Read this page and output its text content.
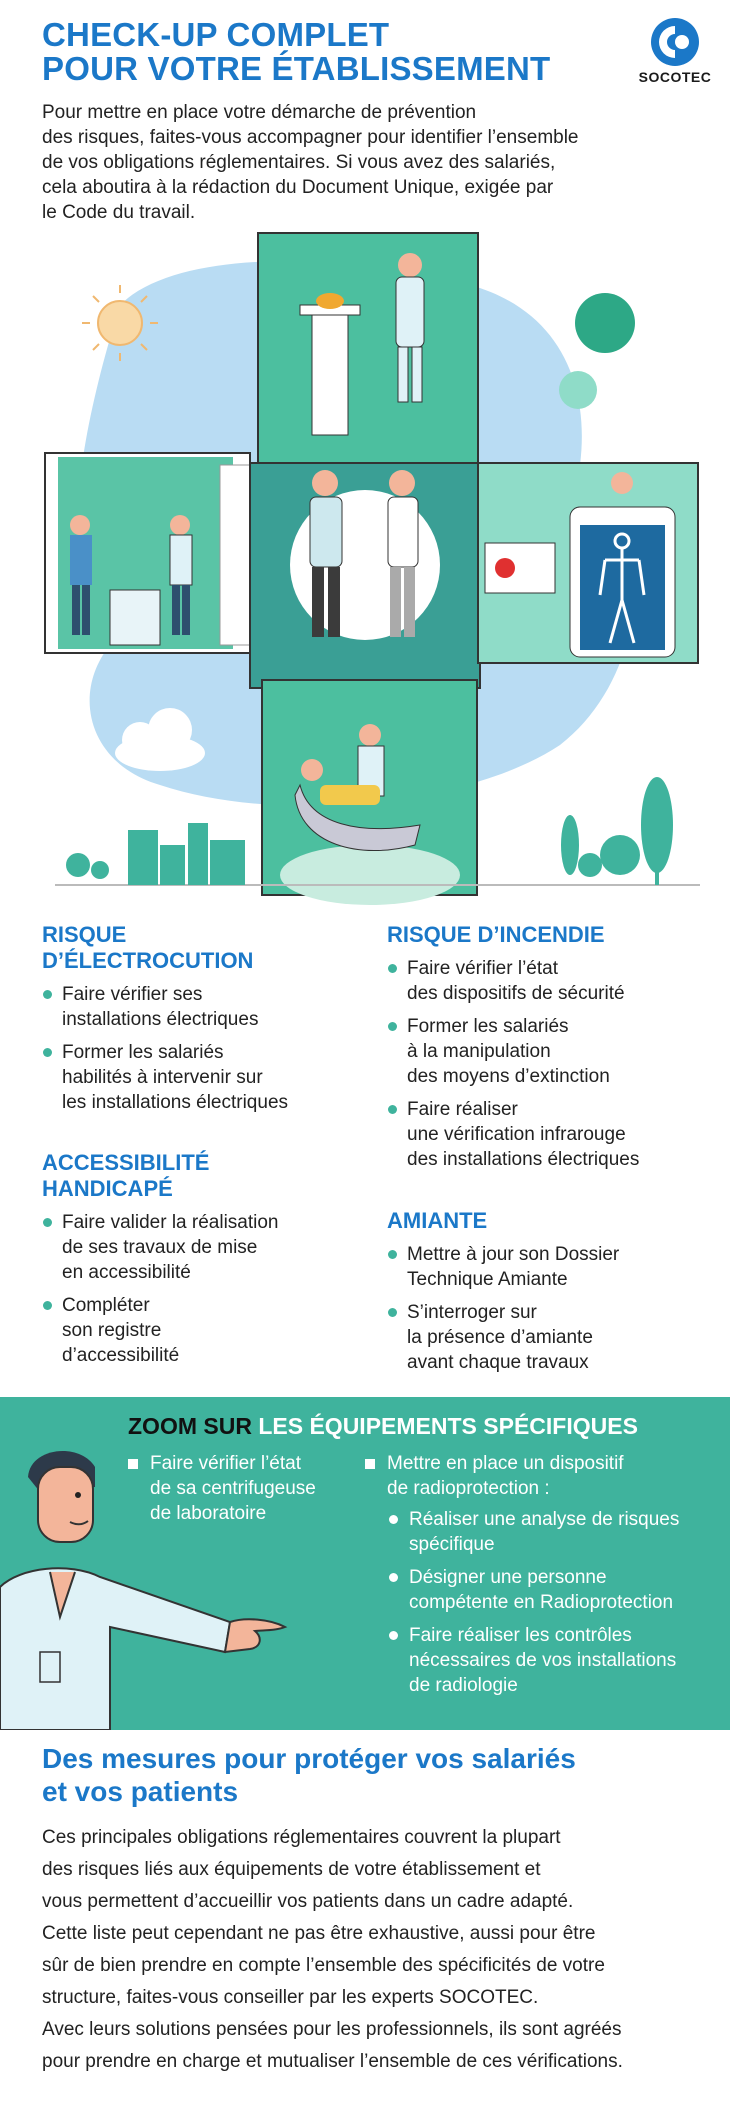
CHECK-UP COMPLET
POUR VOTRE ÉTABLISSEMENT	SOCOTEC
Pour mettre en place votre démarche de prévention
des risques, faites-vous accompagner pour identifier l’ensemble
de vos obligations réglementaires. Si vous avez des salariés,
cela aboutira à la rédaction du Document Unique, exigée par
le Code du travail.
RISQUE
D’ÉLECTROCUTION
Faire vérifier ses
installations électriques
Former les salariés
habilités à intervenir sur
les installations électriques
ACCESSIBILITÉ
HANDICAPÉ
Faire valider la réalisation
de ses travaux de mise
en accessibilité
Compléter
son registre
d’accessibilité
RISQUE D’INCENDIE
Faire vérifier l’état
des dispositifs de sécurité
Former les salariés
à la manipulation
des moyens d’extinction
Faire réaliser
une vérification infrarouge
des installations électriques
AMIANTE
Mettre à jour son Dossier
Technique Amiante
S’interroger sur
la présence d’amiante
avant chaque travaux
ZOOM SUR LES ÉQUIPEMENTS SPÉCIFIQUES
Faire vérifier l’état
de sa centrifugeuse
de laboratoire
Mettre en place un dispositif
de radioprotection :
Réaliser une analyse de risques
spécifique
Désigner une personne
compétente en Radioprotection
Faire réaliser les contrôles
nécessaires de vos installations
de radiologie
Des mesures pour protéger vos salariés
et vos patients
Ces principales obligations réglementaires couvrent la plupart
des risques liés aux équipements de votre établissement et
vous permettent d’accueillir vos patients dans un cadre adapté.
Cette liste peut cependant ne pas être exhaustive, aussi pour être
sûr de bien prendre en compte l’ensemble des spécificités de votre
structure, faites-vous conseiller par les experts SOCOTEC.
Avec leurs solutions pensées pour les professionnels, ils sont agréés
pour prendre en charge et mutualiser l’ensemble de ces vérifications.
